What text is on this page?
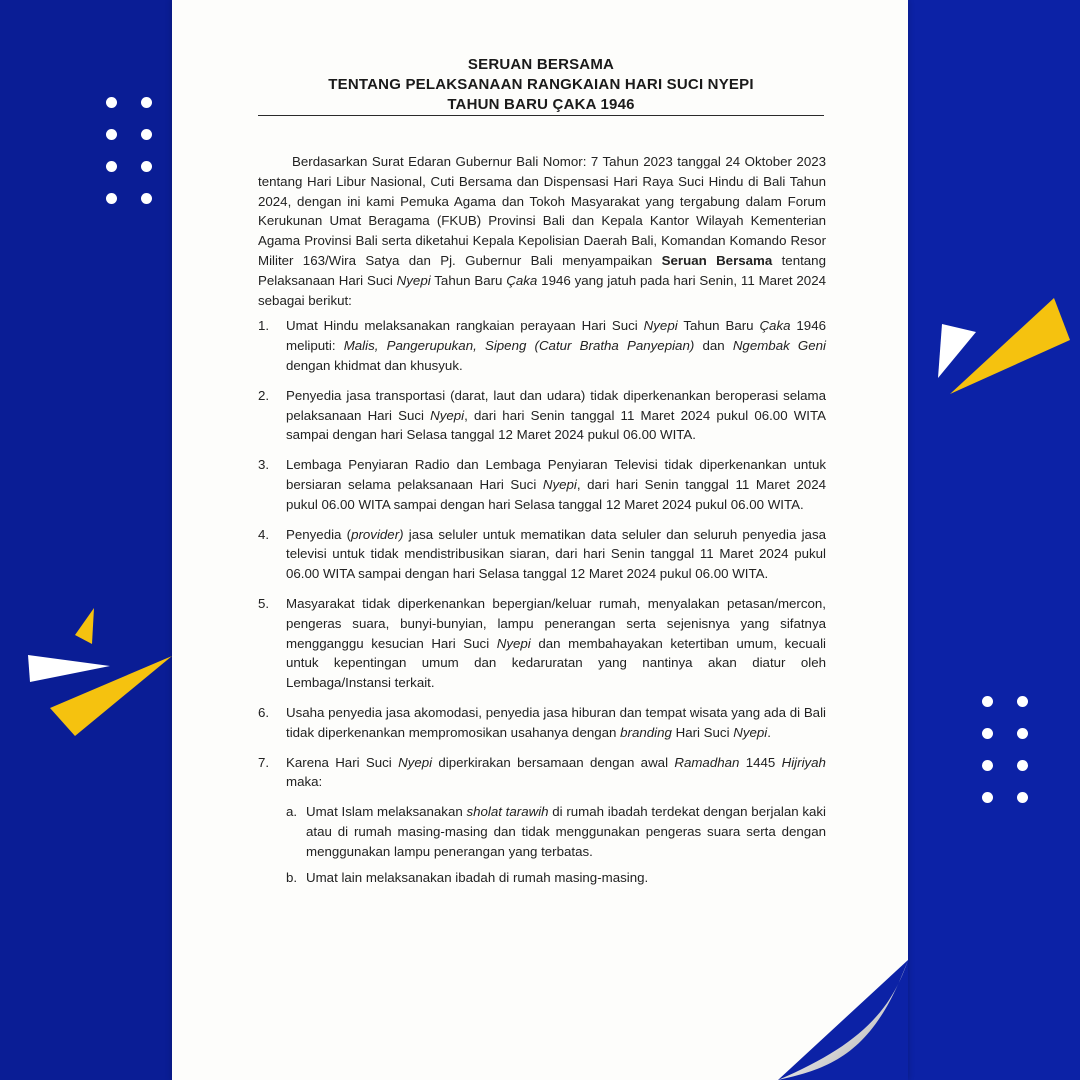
SERUAN BERSAMA
TENTANG PELAKSANAAN RANGKAIAN HARI SUCI NYEPI
TAHUN BARU ÇAKA 1946

Berdasarkan Surat Edaran Gubernur Bali Nomor: 7 Tahun 2023 tanggal 24 Oktober 2023 tentang Hari Libur Nasional, Cuti Bersama dan Dispensasi Hari Raya Suci Hindu di Bali Tahun 2024, dengan ini kami Pemuka Agama dan Tokoh Masyarakat yang tergabung dalam Forum Kerukunan Umat Beragama (FKUB) Provinsi Bali dan Kepala Kantor Wilayah Kementerian Agama Provinsi Bali serta diketahui Kepala Kepolisian Daerah Bali, Komandan Komando Resor Militer 163/Wira Satya dan Pj. Gubernur Bali menyampaikan Seruan Bersama tentang Pelaksanaan Hari Suci Nyepi Tahun Baru Çaka 1946 yang jatuh pada hari Senin, 11 Maret 2024 sebagai berikut:

1.	Umat Hindu melaksanakan rangkaian perayaan Hari Suci Nyepi Tahun Baru Çaka 1946 meliputi: Malis, Pangerupukan, Sipeng (Catur Bratha Panyepian) dan Ngembak Geni dengan khidmat dan khusyuk.
2.	Penyedia jasa transportasi (darat, laut dan udara) tidak diperkenankan beroperasi selama pelaksanaan Hari Suci Nyepi, dari hari Senin tanggal 11 Maret 2024 pukul 06.00 WITA sampai dengan hari Selasa tanggal 12 Maret 2024 pukul 06.00 WITA.
3.	Lembaga Penyiaran Radio dan Lembaga Penyiaran Televisi tidak diperkenankan untuk bersiaran selama pelaksanaan Hari Suci Nyepi, dari hari Senin tanggal 11 Maret 2024 pukul 06.00 WITA sampai dengan hari Selasa tanggal 12 Maret 2024 pukul 06.00 WITA.
4.	Penyedia (provider) jasa seluler untuk mematikan data seluler dan seluruh penyedia jasa televisi untuk tidak mendistribusikan siaran, dari hari Senin tanggal 11 Maret 2024 pukul 06.00 WITA sampai dengan hari Selasa tanggal 12 Maret 2024 pukul 06.00 WITA.
5.	Masyarakat tidak diperkenankan bepergian/keluar rumah, menyalakan petasan/mercon, pengeras suara, bunyi-bunyian, lampu penerangan serta sejenisnya yang sifatnya mengganggu kesucian Hari Suci Nyepi dan membahayakan ketertiban umum, kecuali untuk kepentingan umum dan kedaruratan yang nantinya akan diatur oleh Lembaga/Instansi terkait.
6.	Usaha penyedia jasa akomodasi, penyedia jasa hiburan dan tempat wisata yang ada di Bali tidak diperkenankan mempromosikan usahanya dengan branding Hari Suci Nyepi.
7.	Karena Hari Suci Nyepi diperkirakan bersamaan dengan awal Ramadhan 1445 Hijriyah maka:
a. Umat Islam melaksanakan sholat tarawih di rumah ibadah terdekat dengan berjalan kaki atau di rumah masing-masing dan tidak menggunakan pengeras suara serta dengan menggunakan lampu penerangan yang terbatas.
b. Umat lain melaksanakan ibadah di rumah masing-masing.
